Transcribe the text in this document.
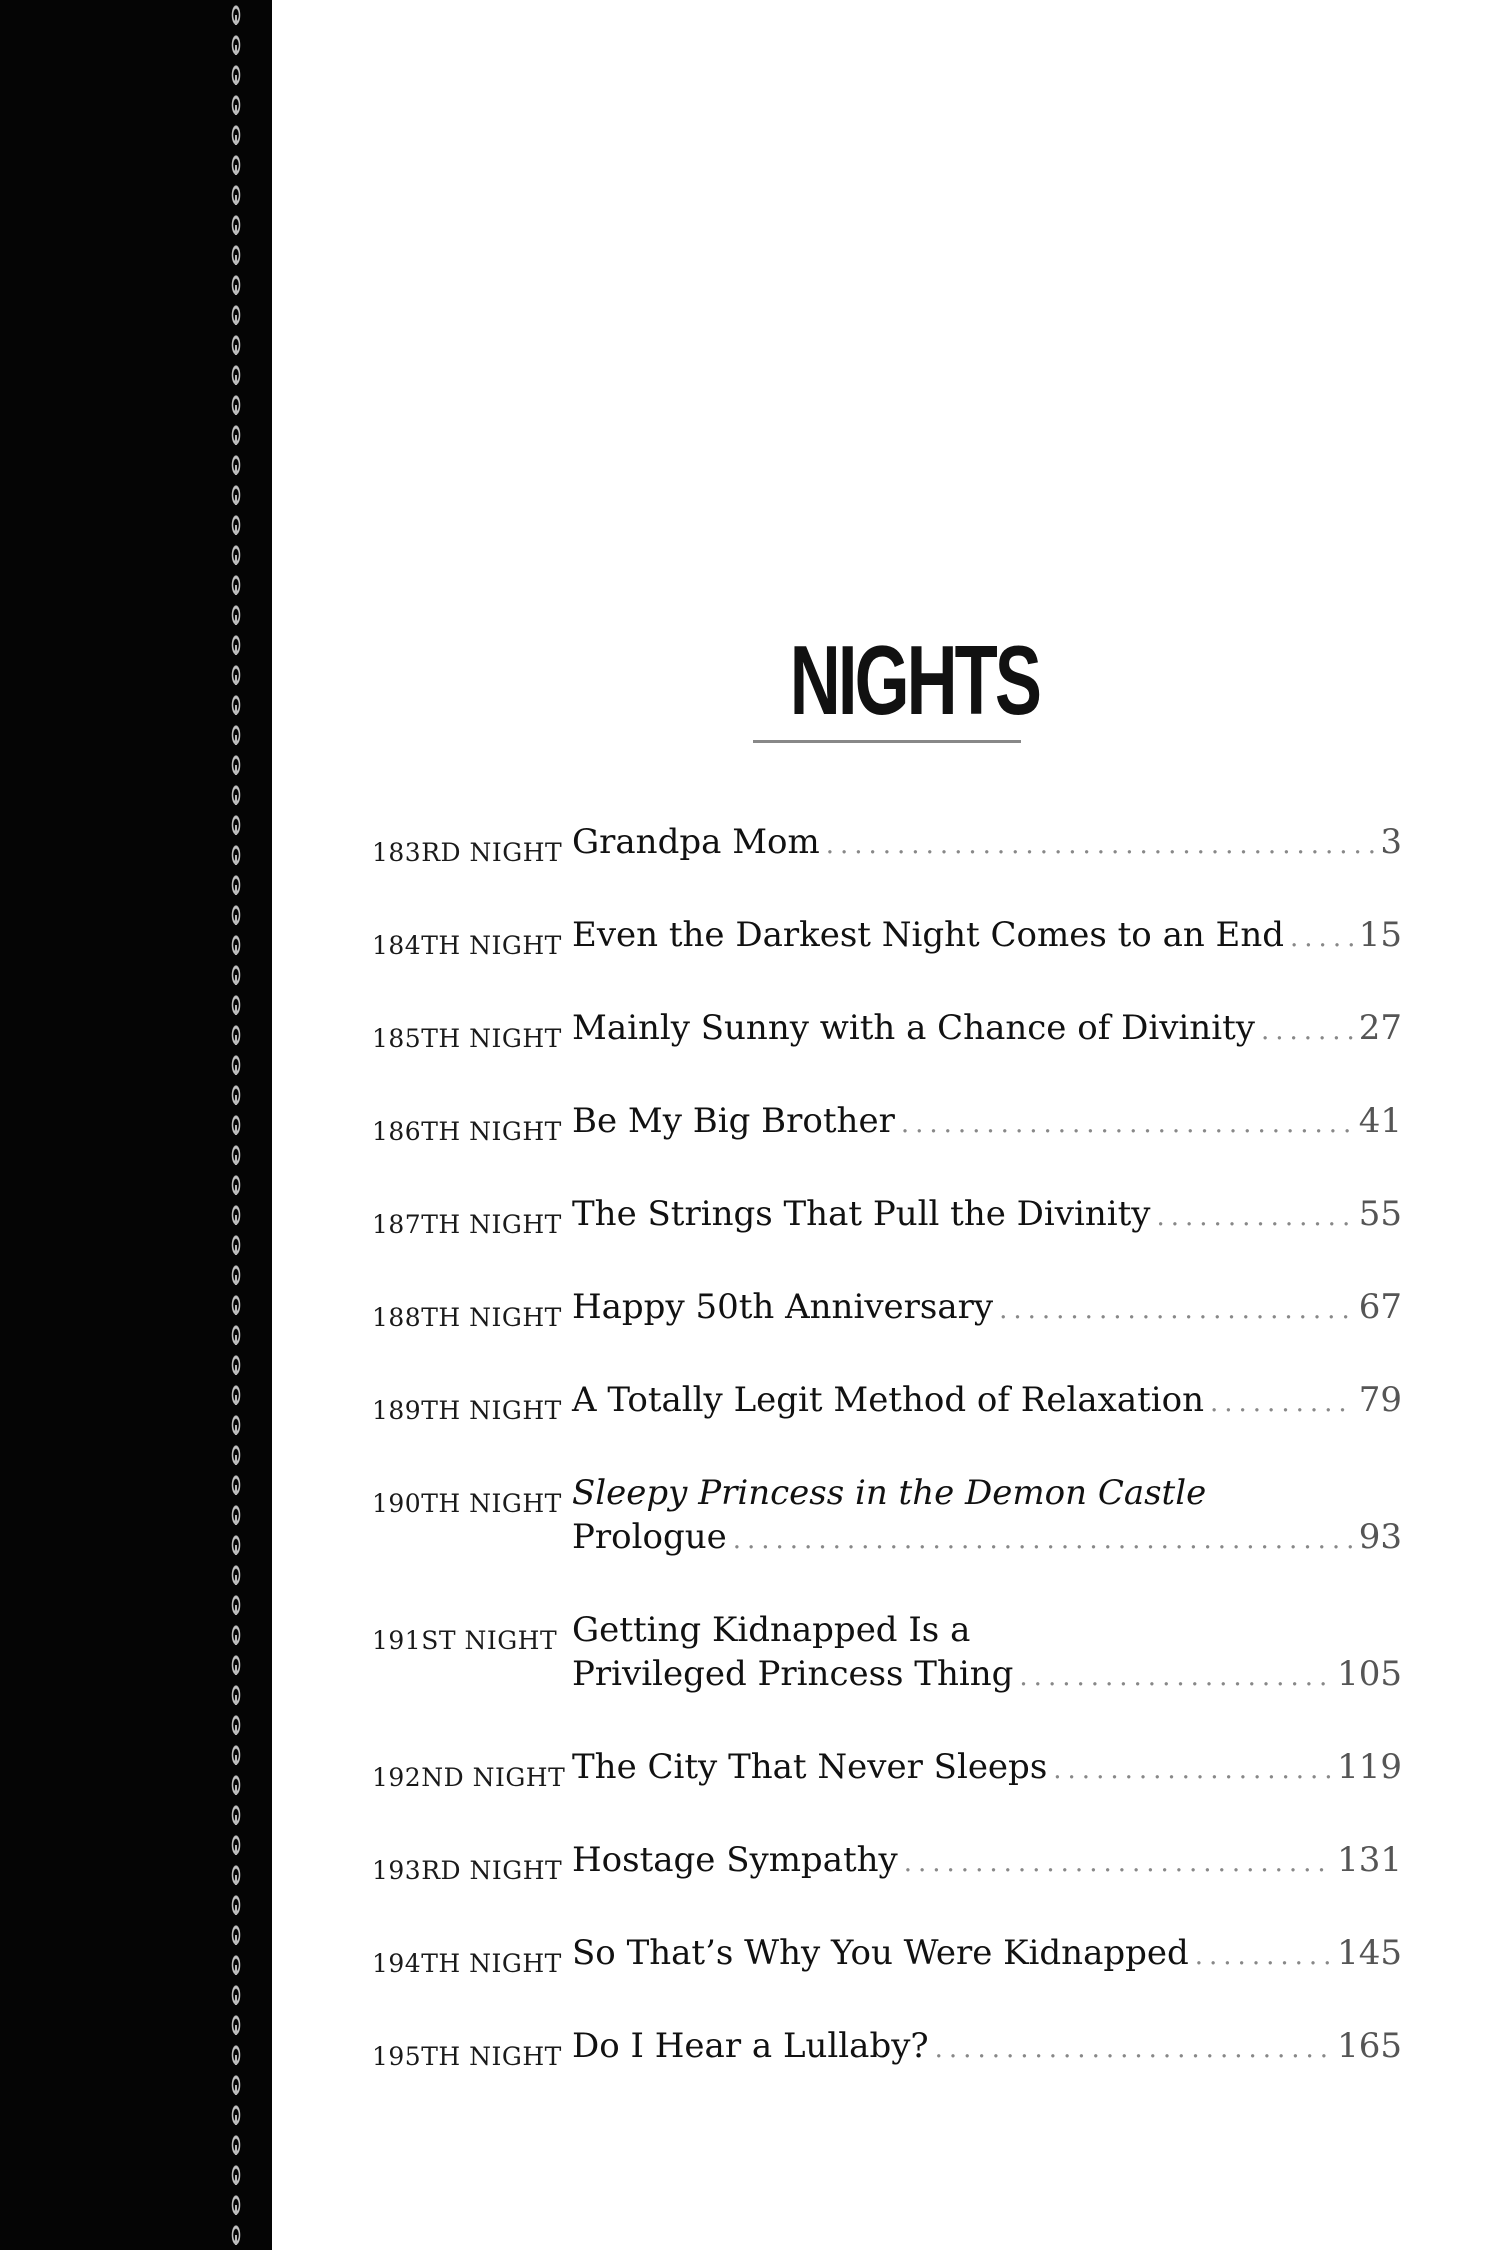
NIGHTS
183RD NIGHT Grandpa Mom .....	3
184TH NIGHT Even the Darkest Night Comes to an End ..... 15
185TH NIGHT Mainly Sunny with a Chance of Divinity .....	27
186TH NIGHT Be My Big Brother .....	41
187TH NIGHT The Strings That Pull the Divinity .....	55
188TH NIGHT Happy 50th Anniversary .....	67
189TH NIGHT A Totally Legit Method of Relaxation .....	79
190TH NIGHT Sleepy Princess in the Demon Castle
Prologue .....	93
191ST NIGHT Getting Kidnapped Is a
Privileged Princess Thing .....	105
192ND NIGHT The City That Never Sleeps .....	119
193RD NIGHT Hostage Sympathy .....	131
194TH NIGHT So That’s Why You Were Kidnapped .....	145
195TH NIGHT Do I Hear a Lullaby? .....	165
